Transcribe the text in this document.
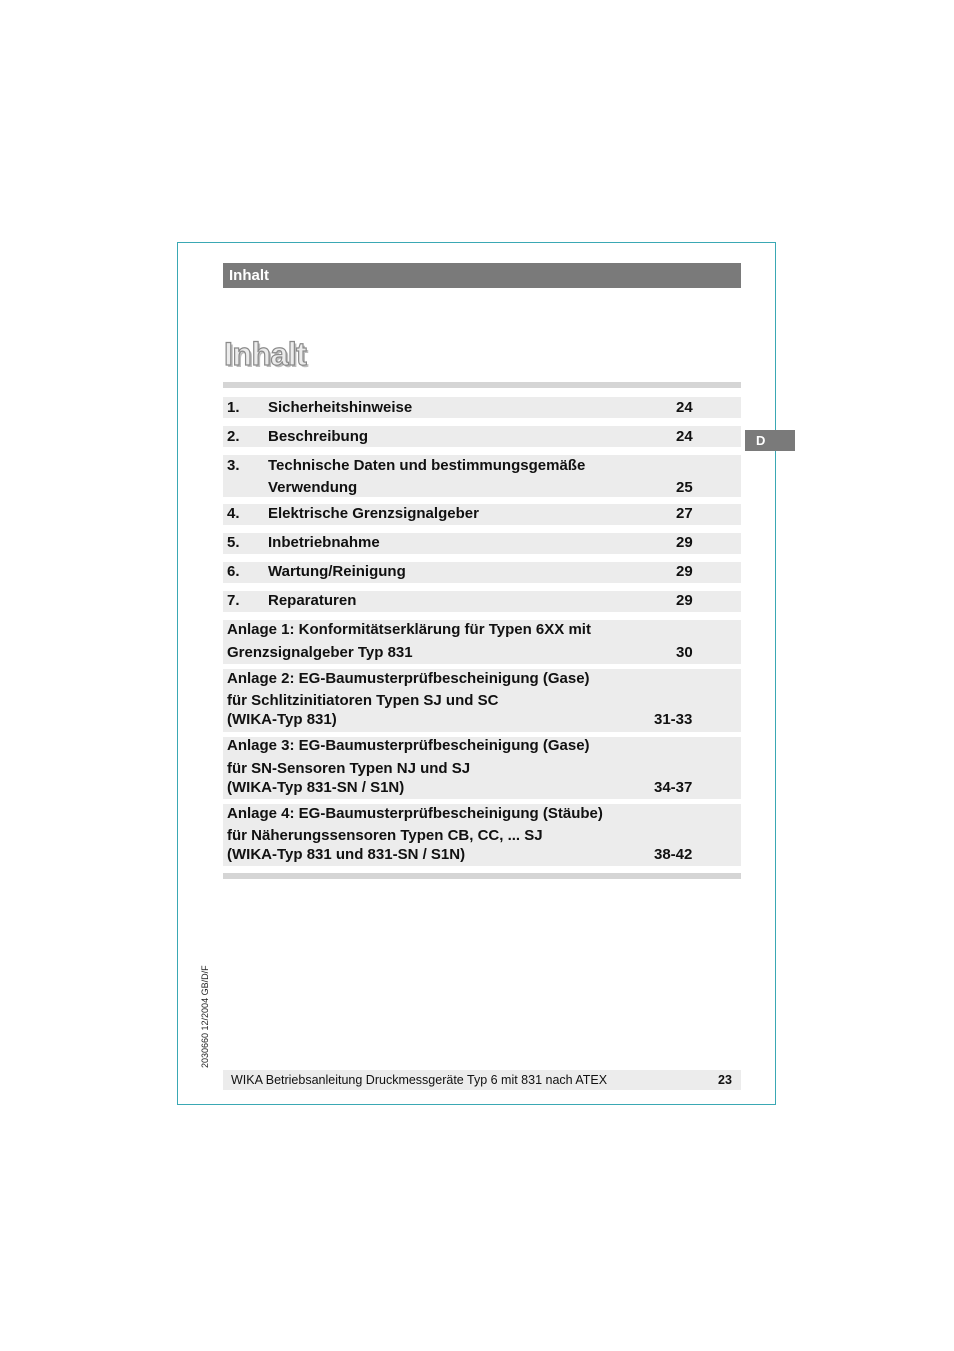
Inhalt
Inhalt
1. Sicherheitshinweise	24
2. Beschreibung	24
3. Technische Daten und bestimmungsgemäße
Verwendung	25
4. Elektrische Grenzsignalgeber	27
5. Inbetriebnahme	29
6. Wartung/Reinigung	29
7. Reparaturen	29
Anlage 1: Konformitätserklärung für Typen 6XX mit
Grenzsignalgeber Typ 831	30
Anlage 2: EG-Baumusterprüfbescheinigung (Gase)
für Schlitzinitiatoren Typen SJ und SC
(WIKA-Typ 831)	31-33
Anlage 3: EG-Baumusterprüfbescheinigung (Gase)
für SN-Sensoren Typen NJ und SJ
(WIKA-Typ 831-SN / S1N)	34-37
Anlage 4: EG-Baumusterprüfbescheinigung (Stäube)
für Näherungssensoren Typen CB, CC, ... SJ
(WIKA-Typ 831 und 831-SN / S1N)	38-42
D
2030660 12/2004 GB/D/F
WIKA Betriebsanleitung Druckmessgeräte Typ 6 mit 831 nach ATEX	23
